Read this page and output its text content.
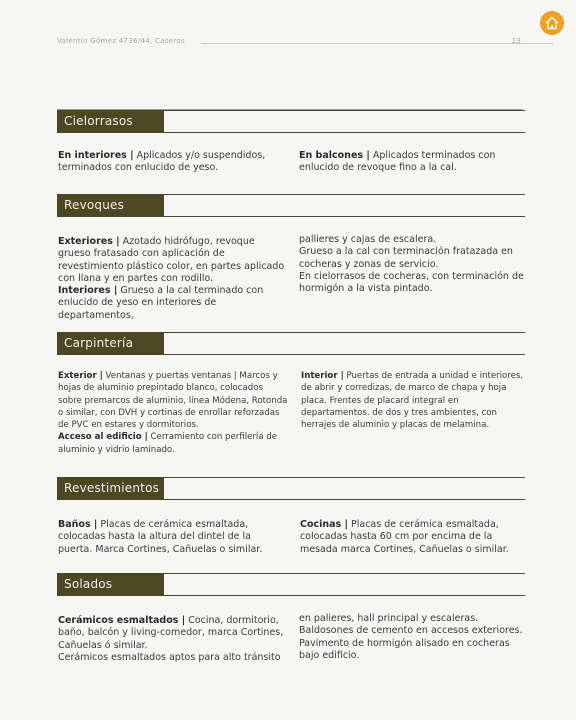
Valentín Gómez 4736/44, Caseros	13
Cielorrasos

En interiores | Aplicados y/o suspendidos, terminados con enlucido de yeso.

En balcones | Aplicados terminados con enlucido de revoque fino a la cal.

Revoques

Exteriores | Azotado hidrófugo, revoque grueso fratasado con aplicación de revestimiento plástico color, en partes aplicado con llana y en partes con rodillo.

Interiores | Grueso a la cal terminado con enlucido de yeso en interiores de departamentos,

pallieres y cajas de escalera.

Grueso a la cal con terminación fratazada en cocheras y zonas de servicio.

En cielorrasos de cocheras, con terminación de hormigón a la vista pintado.

Carpintería

Exterior | Ventanas y puertas ventanas | Marcos y hojas de aluminio prepintado blanco, colocados sobre premarcos de aluminio, línea Módena, Rotonda o similar, con DVH y cortinas de enrollar reforzadas de PVC en estares y dormitorios.

Acceso al edificio | Cerramiento con perfilería de aluminio y vidrio laminado.

Interior | Puertas de entrada a unidad e interiores, de abrir y corredizas, de marco de chapa y hoja placa. Frentes de placard integral en departamentos. de dos y tres ambientes, con herrajes de aluminio y placas de melamina.

Revestimientos

Baños | Placas de cerámica esmaltada, colocadas hasta la altura del dintel de la puerta. Marca Cortines, Cañuelas o similar.

Cocinas | Placas de cerámica esmaltada, colocadas hasta 60 cm por encima de la mesada marca Cortines, Cañuelas o similar.

Solados

Cerámicos esmaltados | Cocina, dormitorio, baño, balcón y living-comedor, marca Cortines, Cañuelas ó similar.

Cerámicos esmaltados aptos para alto tránsito

en palieres, hall principal y escaleras.

Baldosones de cemento en accesos exteriores.

Pavimento de hormigón alisado en cocheras bajo edificio.
